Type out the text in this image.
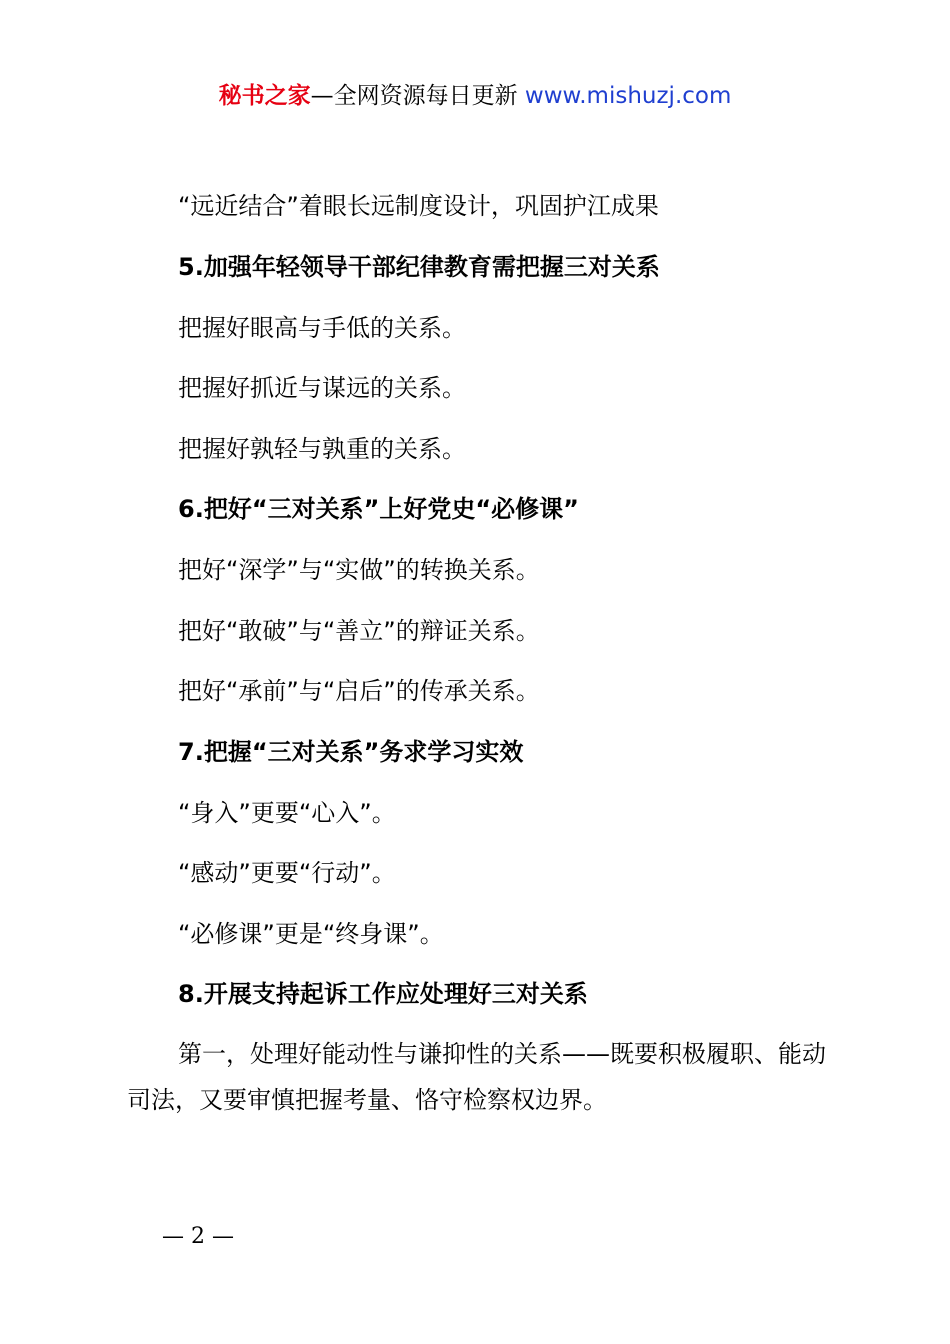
秘书之家—全网资源每日更新 www.mishuzj.com
“远近结合”着眼长远制度设计，巩固护江成果
5.加强年轻领导干部纪律教育需把握三对关系
把握好眼高与手低的关系。
把握好抓近与谋远的关系。
把握好孰轻与孰重的关系。
6.把好“三对关系”上好党史“必修课”
把好“深学”与“实做”的转换关系。
把好“敢破”与“善立”的辩证关系。
把好“承前”与“启后”的传承关系。
7.把握“三对关系”务求学习实效
“身入”更要“心入”。
“感动”更要“行动”。
“必修课”更是“终身课”。
8.开展支持起诉工作应处理好三对关系
第一，处理好能动性与谦抑性的关系——既要积极履职、能动司法，又要审慎把握考量、恪守检察权边界。
— 2 —
